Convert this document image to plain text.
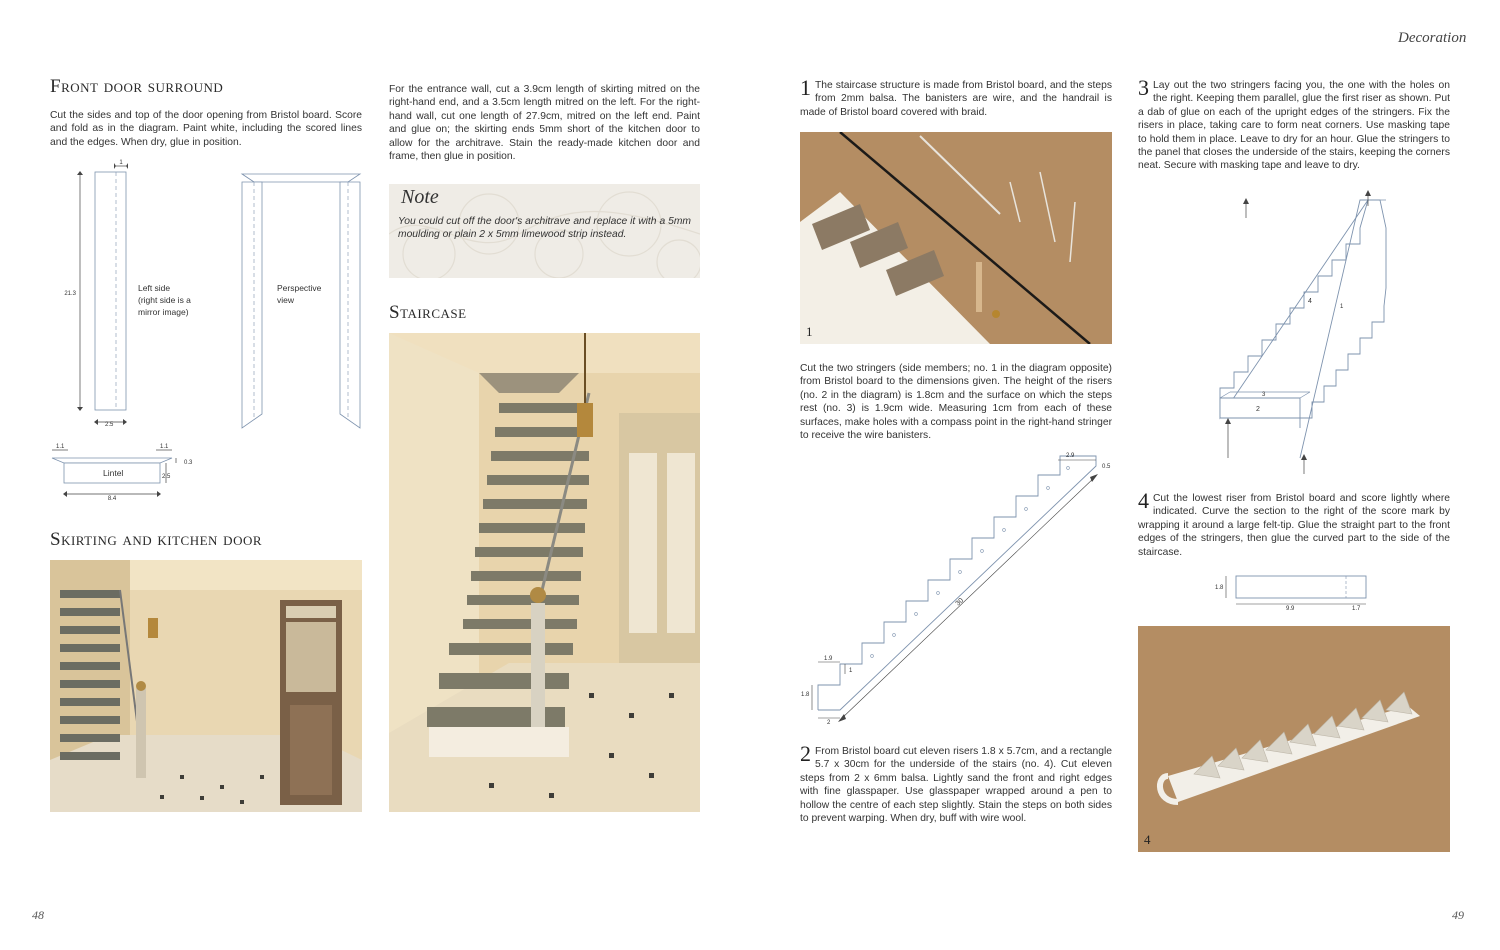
Decoration
48	49
Front door surround
Cut the sides and top of the door opening from Bristol board. Score and fold as in the diagram. Paint white, including the scored lines and the edges. When dry, glue in position.
1
21.3
2.5
Left side
(right side is a
mirror image)
Perspective
view
1.1	1.1
Lintel
0.3
2.5
8.4
Skirting and kitchen door
For the entrance wall, cut a 3.9cm length of skirting mitred on the right-hand end, and a 3.5cm length mitred on the left. For the right-hand wall, cut one length of 27.9cm, mitred on the left end. Paint and glue on; the skirting ends 5mm short of the kitchen door to allow for the architrave. Stain the ready-made kitchen door and frame, then glue in position.
Note
You could cut off the door's architrave and replace it with a 5mm moulding or plain 2 x 5mm limewood strip instead.
Staircase
1 The staircase structure is made from Bristol board, and the steps from 2mm balsa. The banisters are wire, and the handrail is made of Bristol board covered with braid.
1
Cut the two stringers (side members; no. 1 in the diagram opposite) from Bristol board to the dimensions given. The height of the risers (no. 2 in the diagram) is 1.8cm and the surface on which the steps rest (no. 3) is 1.9cm wide. Measuring 1cm from each of these surfaces, make holes with a compass point in the right-hand stringer to receive the wire banisters.
2.9
0.5
30
1.9
1
1.8
2
2 From Bristol board cut eleven risers 1.8 x 5.7cm, and a rectangle 5.7 x 30cm for the underside of the stairs (no. 4). Cut eleven steps from 2 x 6mm balsa. Lightly sand the front and right edges with fine glasspaper. Use glasspaper wrapped around a pen to hollow the centre of each step slightly. Stain the steps on both sides to prevent warping. When dry, buff with wire wool.
3 Lay out the two stringers facing you, the one with the holes on the right. Keeping them parallel, glue the first riser as shown. Put a dab of glue on each of the upright edges of the stringers. Fix the risers in place, taking care to form neat corners. Use masking tape to hold them in place. Leave to dry for an hour. Glue the stringers to the panel that closes the underside of the stairs, keeping the corners neat. Secure with masking tape and leave to dry.
4
2
3
1
4 Cut the lowest riser from Bristol board and score lightly where indicated. Curve the section to the right of the score mark by wrapping it around a large felt-tip. Glue the straight part to the front edges of the stringers, then glue the curved part to the side of the staircase.
1.8
9.9	1.7
4
